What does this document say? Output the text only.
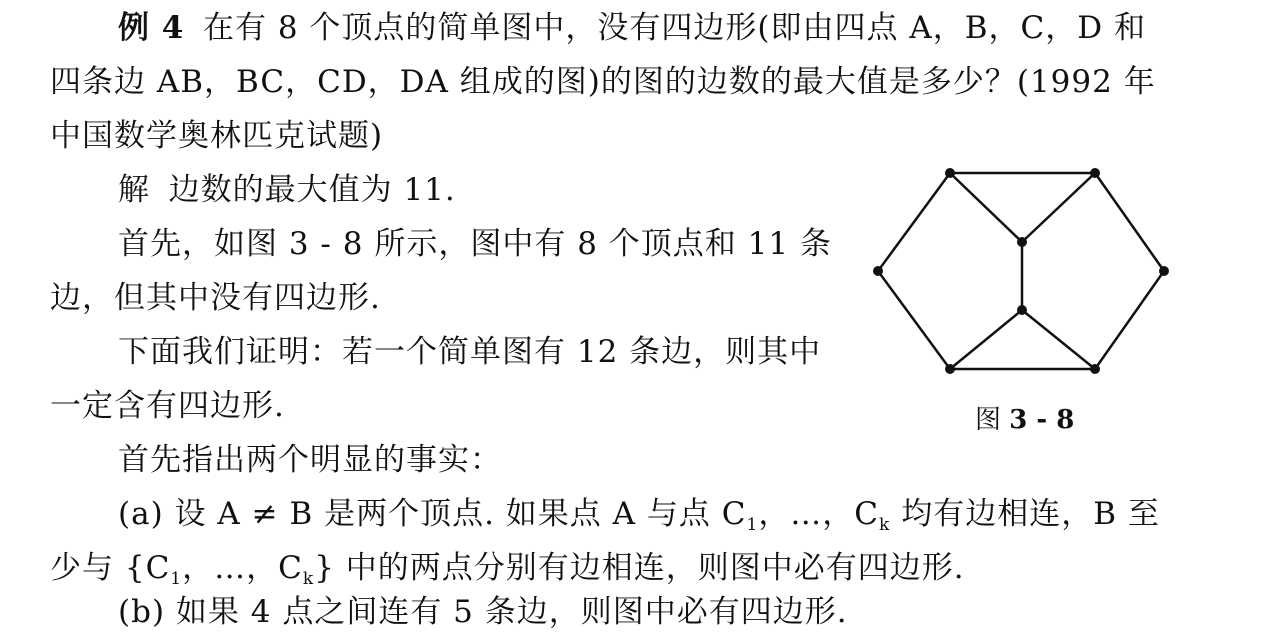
例 4 在有 8 个顶点的简单图中，没有四边形(即由四点 A，B，C，D 和
四条边 AB，BC，CD，DA 组成的图)的图的边数的最大值是多少？(1992 年
中国数学奥林匹克试题)
解 边数的最大值为 11.
首先，如图 3 - 8 所示，图中有 8 个顶点和 11 条
边，但其中没有四边形.
下面我们证明：若一个简单图有 12 条边，则其中
一定含有四边形.
首先指出两个明显的事实：
(a) 设 A ≠ B 是两个顶点. 如果点 A 与点 $C_1$，…，$C_k$ 均有边相连，B 至
少与 {$C_1$，…，$C_k$} 中的两点分别有边相连，则图中必有四边形.
(b) 如果 4 点之间连有 5 条边，则图中必有四边形.
图 3 - 8
